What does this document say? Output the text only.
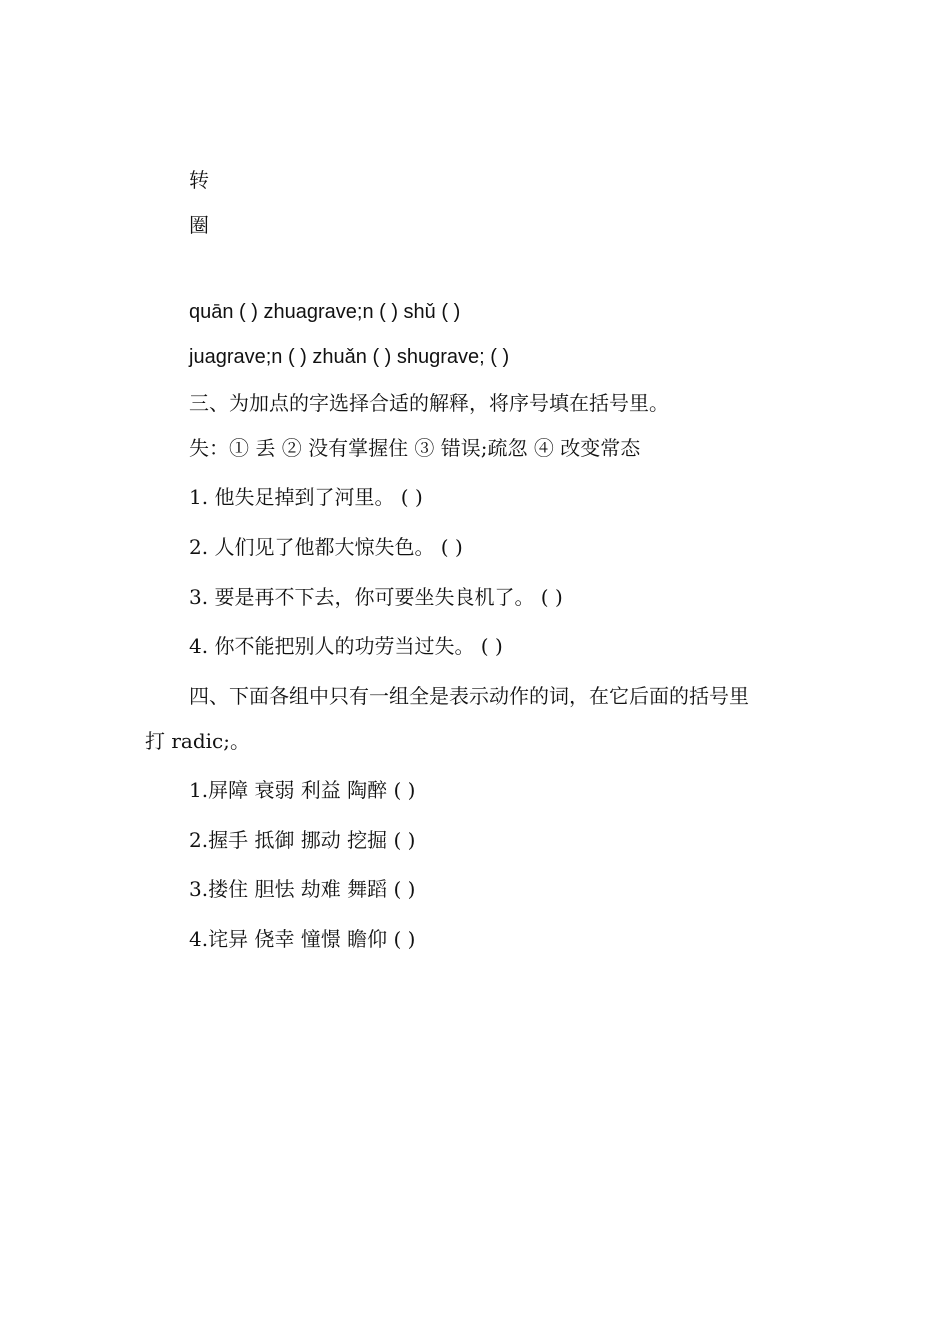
转
圈
quān ( ) zhuagrave;n ( ) shǔ ( )
juagrave;n ( ) zhuǎn ( ) shugrave; ( )
三、为加点的字选择合适的解释，将序号填在括号里。
失：① 丢 ② 没有掌握住 ③ 错误;疏忽 ④ 改变常态
1. 他失足掉到了河里。 ( )
2. 人们见了他都大惊失色。 ( )
3. 要是再不下去，你可要坐失良机了。 ( )
4. 你不能把别人的功劳当过失。 ( )
四、下面各组中只有一组全是表示动作的词，在它后面的括号里
打 radic;。
1.屏障 衰弱 利益 陶醉 ( )
2.握手 抵御 挪动 挖掘 ( )
3.搂住 胆怯 劫难 舞蹈 ( )
4.诧异 侥幸 憧憬 瞻仰 ( )
